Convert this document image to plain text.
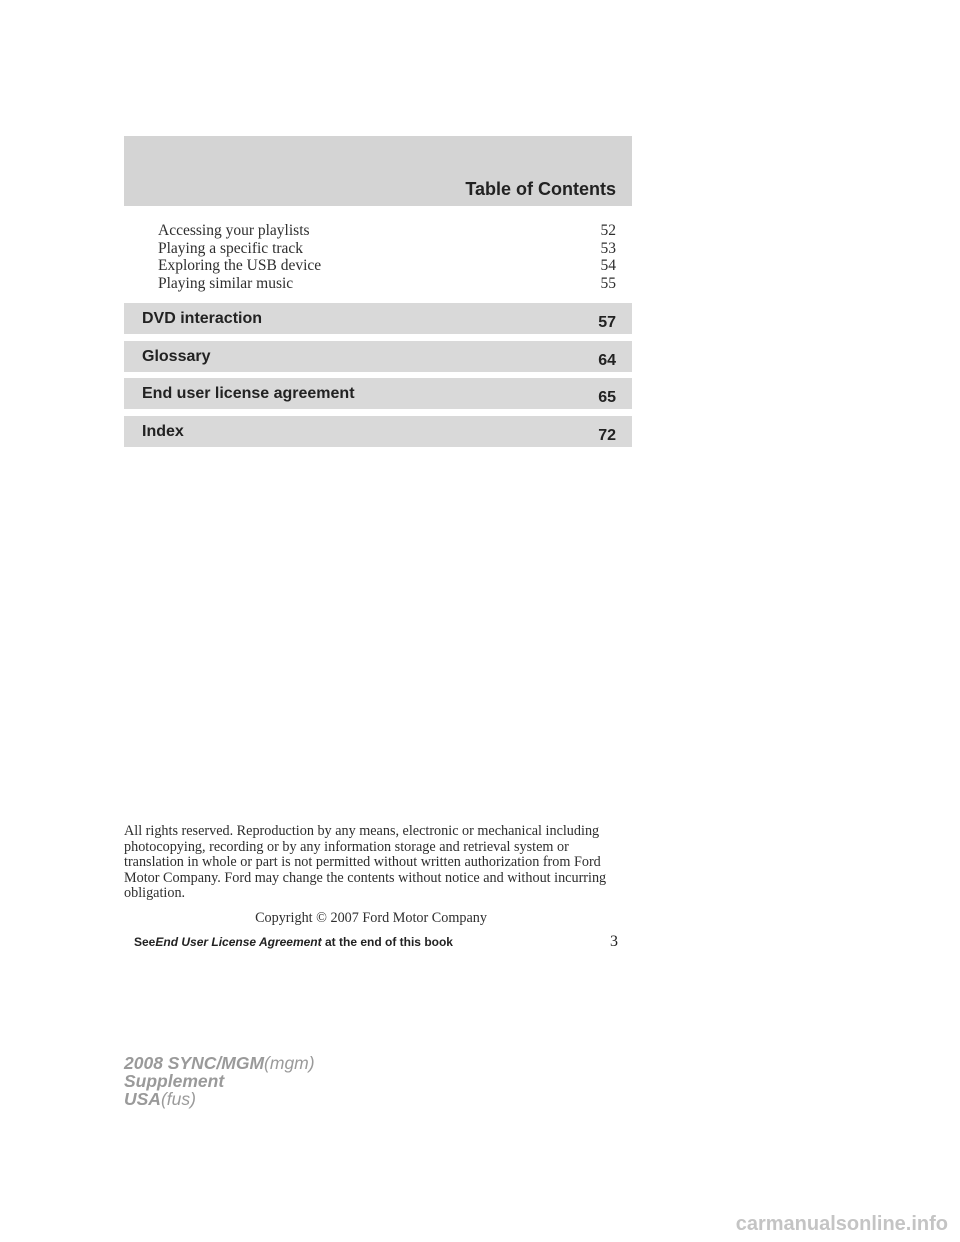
Table of Contents
Accessing your playlists	52
Playing a specific track	53
Exploring the USB device	54
Playing similar music	55
DVD interaction	57
Glossary	64
End user license agreement	65
Index	72
All rights reserved. Reproduction by any means, electronic or mechanical including photocopying, recording or by any information storage and retrieval system or translation in whole or part is not permitted without written authorization from Ford Motor Company. Ford may change the contents without notice and without incurring obligation.
Copyright © 2007 Ford Motor Company
SeeEnd User License Agreement at the end of this book	3
2008 SYNC/MGM(mgm)
Supplement
USA(fus)
carmanualsonline.info
